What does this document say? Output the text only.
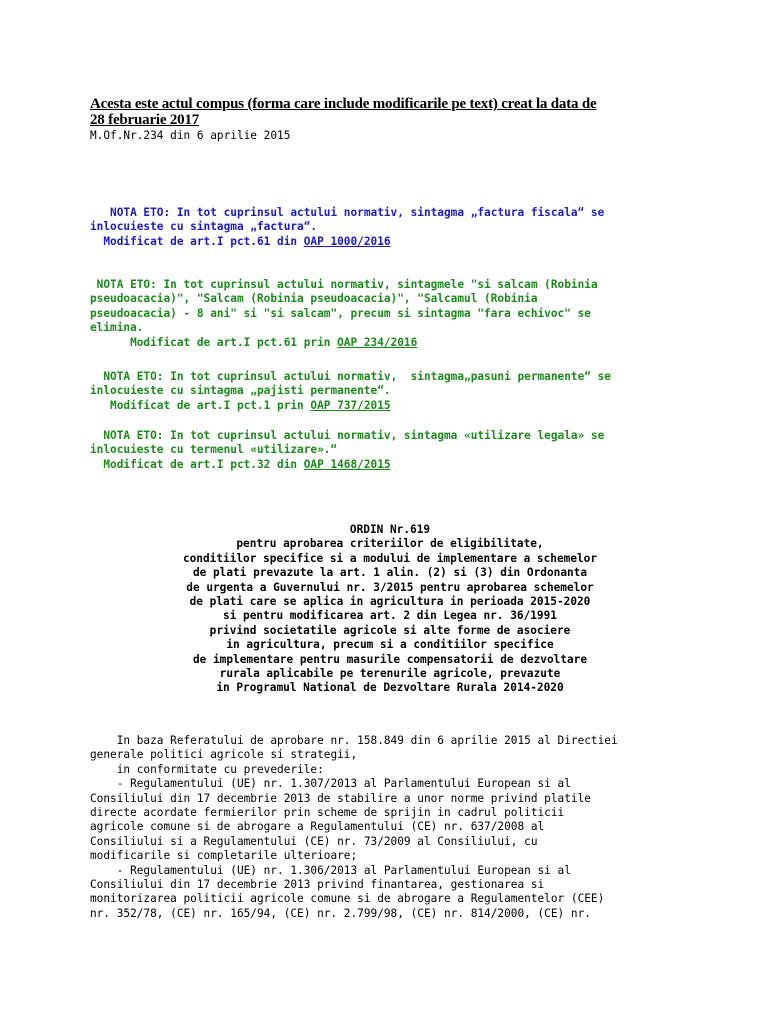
Acesta este actul compus (forma care include modificarile pe text) creat la data de
28 februarie 2017

M.Of.Nr.234 din 6 aprilie 2015

NOTA ETO: In tot cuprinsul actului normativ, sintagma „factura fiscala“ se
inlocuieste cu sintagma „factura“.
Modificat de art.I pct.61 din OAP 1000/2016
NOTA ETO: In tot cuprinsul actului normativ, sintagmele "si salcam (Robinia
pseudoacacia)", "Salcam (Robinia pseudoacacia)", "Salcamul (Robinia
pseudoacacia) - 8 ani" si "si salcam", precum si sintagma "fara echivoc" se
elimina.
Modificat de art.I pct.61 prin OAP 234/2016
NOTA ETO: In tot cuprinsul actului normativ,  sintagma„pasuni permanente“ se
inlocuieste cu sintagma „pajisti permanente“.
Modificat de art.I pct.1 prin OAP 737/2015
NOTA ETO: In tot cuprinsul actului normativ, sintagma «utilizare legala» se
inlocuieste cu termenul «utilizare».“
Modificat de art.I pct.32 din OAP 1468/2015
ORDIN Nr.619
pentru aprobarea criteriilor de eligibilitate,
conditiilor specifice si a modului de implementare a schemelor
de plati prevazute la art. 1 alin. (2) si (3) din Ordonanta
de urgenta a Guvernului nr. 3/2015 pentru aprobarea schemelor
de plati care se aplica in agricultura in perioada 2015-2020
si pentru modificarea art. 2 din Legea nr. 36/1991
privind societatile agricole si alte forme de asociere
in agricultura, precum si a conditiilor specifice
de implementare pentru masurile compensatorii de dezvoltare
rurala aplicabile pe terenurile agricole, prevazute
in Programul National de Dezvoltare Rurala 2014-2020
In baza Referatului de aprobare nr. 158.849 din 6 aprilie 2015 al Directiei
generale politici agricole si strategii,
in conformitate cu prevederile:
- Regulamentului (UE) nr. 1.307/2013 al Parlamentului European si al
Consiliului din 17 decembrie 2013 de stabilire a unor norme privind platile
directe acordate fermierilor prin scheme de sprijin in cadrul politicii
agricole comune si de abrogare a Regulamentului (CE) nr. 637/2008 al
Consiliului si a Regulamentului (CE) nr. 73/2009 al Consiliului, cu
modificarile si completarile ulterioare;
- Regulamentului (UE) nr. 1.306/2013 al Parlamentului European si al
Consiliului din 17 decembrie 2013 privind finantarea, gestionarea si
monitorizarea politicii agricole comune si de abrogare a Regulamentelor (CEE)
nr. 352/78, (CE) nr. 165/94, (CE) nr. 2.799/98, (CE) nr. 814/2000, (CE) nr.
